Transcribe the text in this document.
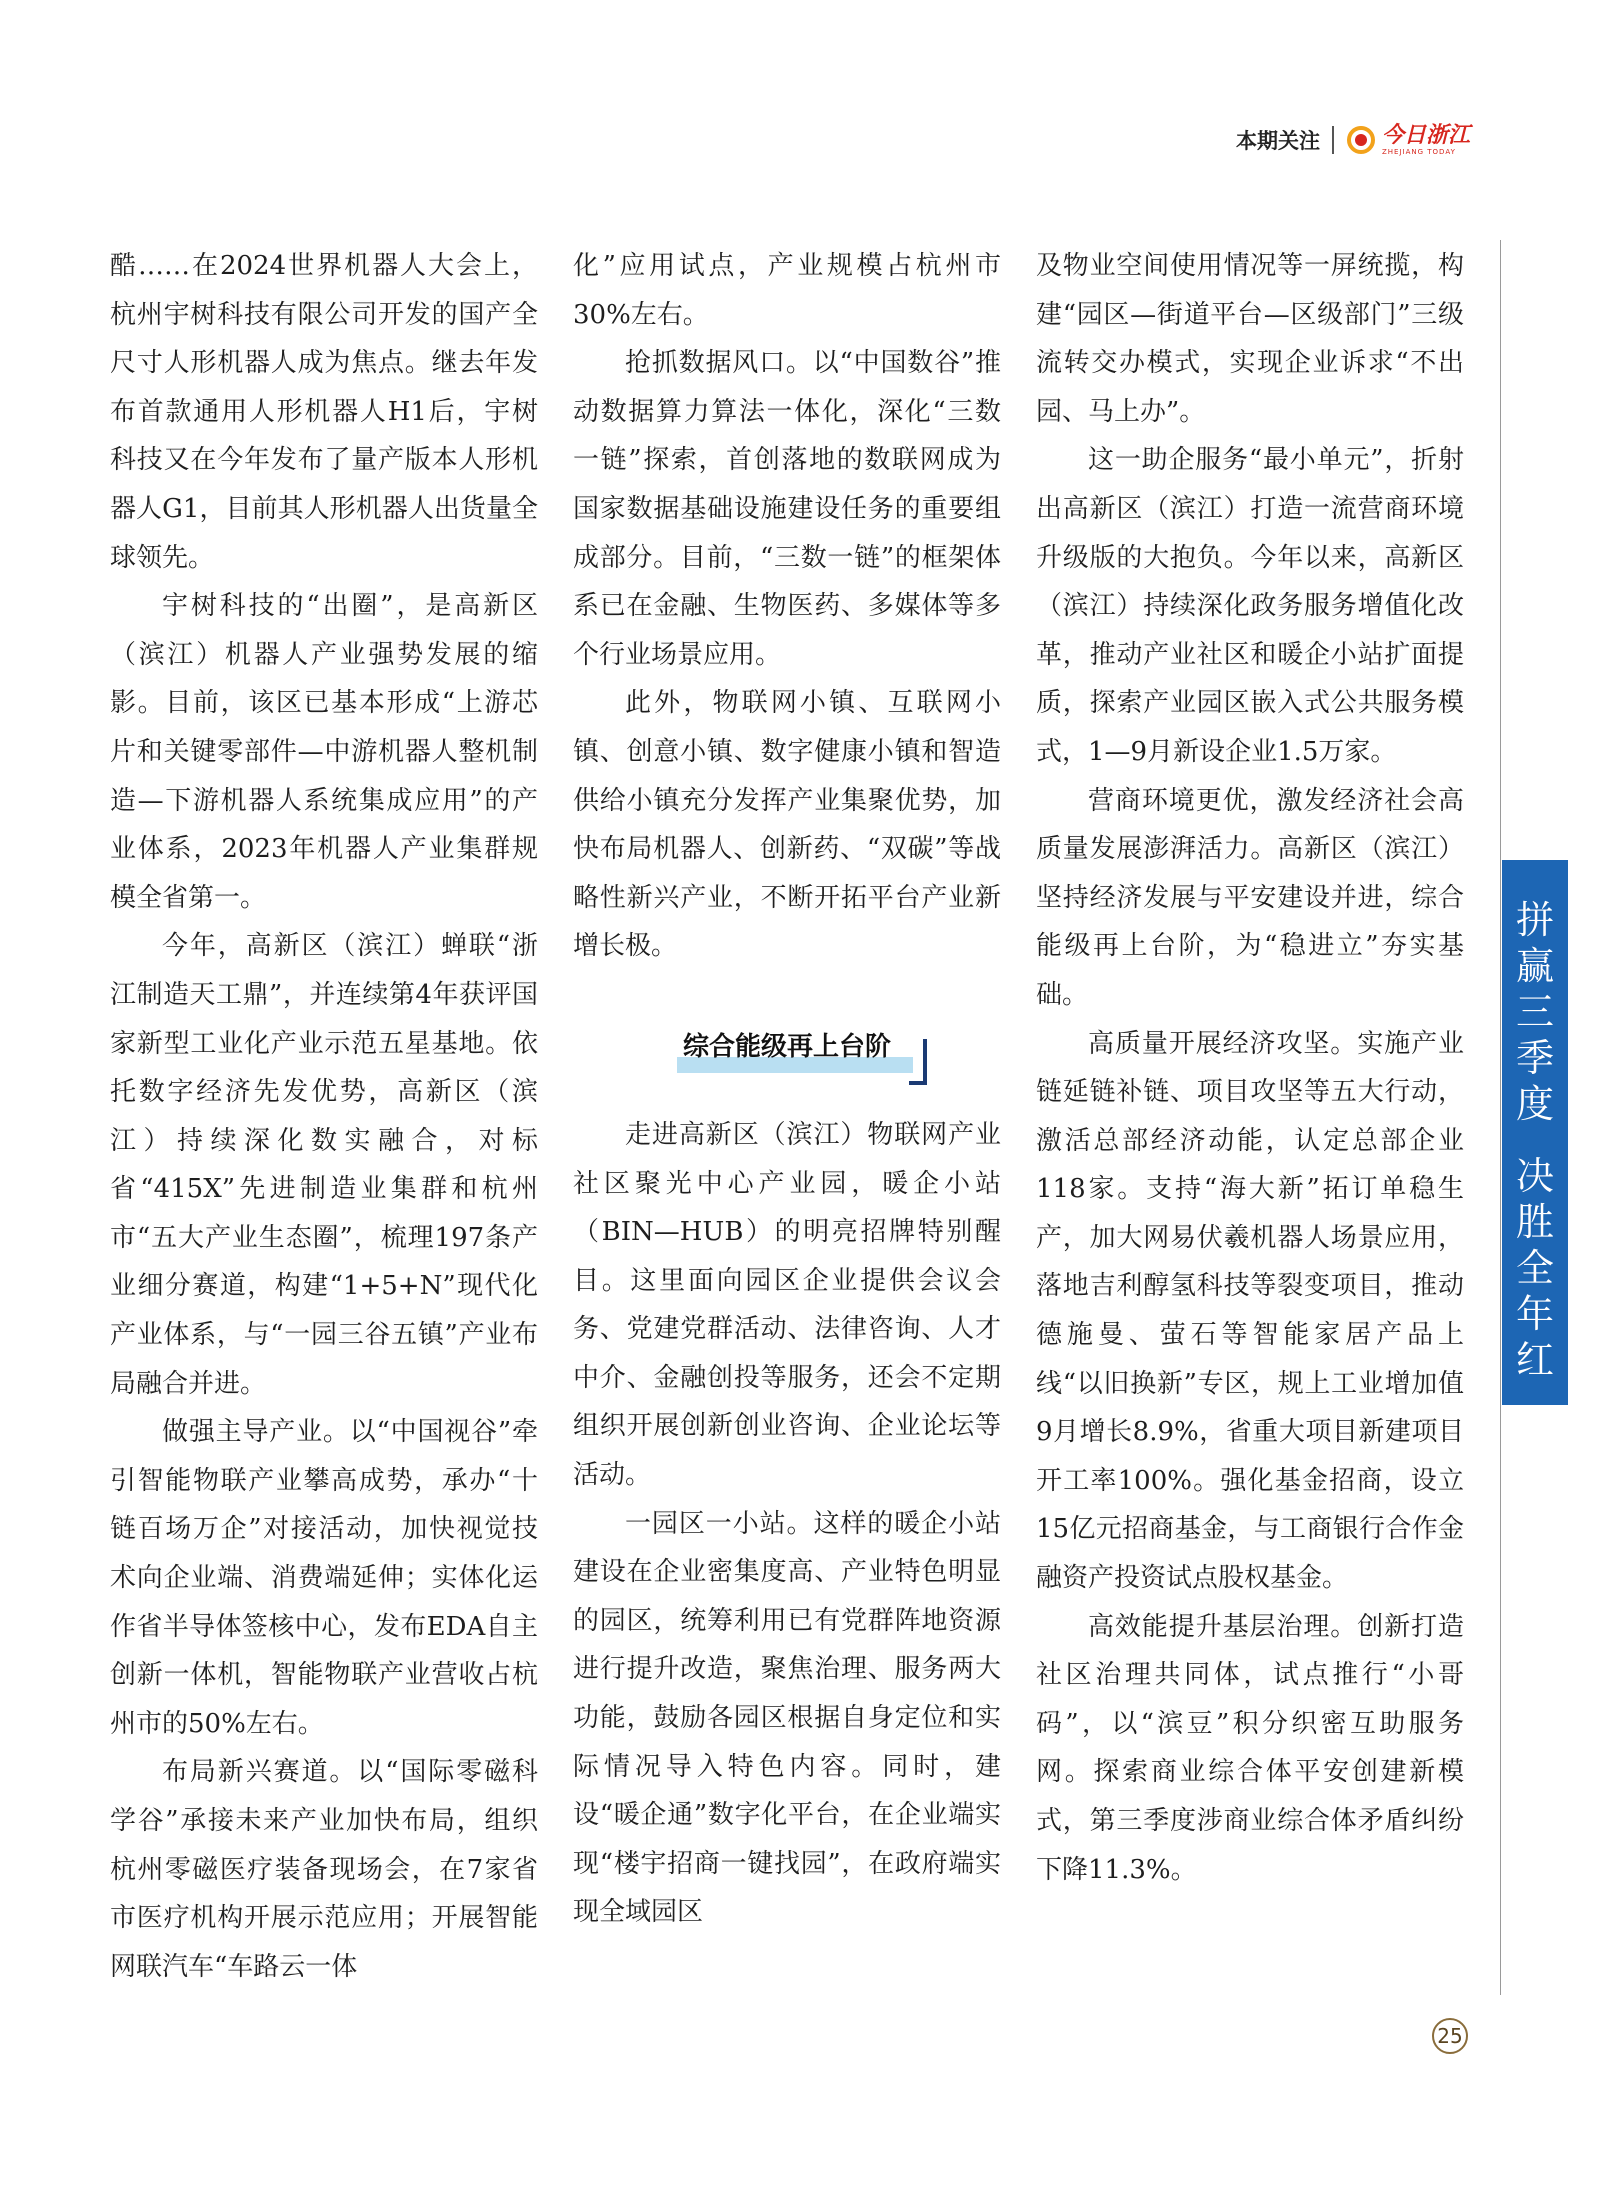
本期关注	今日浙江
ZHEJIANG TODAY

酷……在2024世界机器人大会上，杭州宇树科技有限公司开发的国产全尺寸人形机器人成为焦点。继去年发布首款通用人形机器人H1后，宇树科技又在今年发布了量产版本人形机器人G1，目前其人形机器人出货量全球领先。

宇树科技的“出圈”，是高新区（滨江）机器人产业强势发展的缩影。目前，该区已基本形成“上游芯片和关键零部件—中游机器人整机制造—下游机器人系统集成应用”的产业体系，2023年机器人产业集群规模全省第一。

今年，高新区（滨江）蝉联“浙江制造天工鼎”，并连续第4年获评国家新型工业化产业示范五星基地。依托数字经济先发优势，高新区（滨江）持续深化数实融合，对标省“415X”先进制造业集群和杭州市“五大产业生态圈”，梳理197条产业细分赛道，构建“1+5+N”现代化产业体系，与“一园三谷五镇”产业布局融合并进。

做强主导产业。以“中国视谷”牵引智能物联产业攀高成势，承办“十链百场万企”对接活动，加快视觉技术向企业端、消费端延伸；实体化运作省半导体签核中心，发布EDA自主创新一体机，智能物联产业营收占杭州市的50%左右。

布局新兴赛道。以“国际零磁科学谷”承接未来产业加快布局，组织杭州零磁医疗装备现场会，在7家省市医疗机构开展示范应用；开展智能网联汽车“车路云一体

化”应用试点，产业规模占杭州市30%左右。

抢抓数据风口。以“中国数谷”推动数据算力算法一体化，深化“三数一链”探索，首创落地的数联网成为国家数据基础设施建设任务的重要组成部分。目前，“三数一链”的框架体系已在金融、生物医药、多媒体等多个行业场景应用。

此外，物联网小镇、互联网小镇、创意小镇、数字健康小镇和智造供给小镇充分发挥产业集聚优势，加快布局机器人、创新药、“双碳”等战略性新兴产业，不断开拓平台产业新增长极。

综合能级再上台阶

走进高新区（滨江）物联网产业社区聚光中心产业园，暖企小站（BIN—HUB）的明亮招牌特别醒目。这里面向园区企业提供会议会务、党建党群活动、法律咨询、人才中介、金融创投等服务，还会不定期组织开展创新创业咨询、企业论坛等活动。

一园区一小站。这样的暖企小站建设在企业密集度高、产业特色明显的园区，统筹利用已有党群阵地资源进行提升改造，聚焦治理、服务两大功能，鼓励各园区根据自身定位和实际情况导入特色内容。同时，建设“暖企通”数字化平台，在企业端实现“楼宇招商一键找园”，在政府端实现全域园区

及物业空间使用情况等一屏统揽，构建“园区—街道平台—区级部门”三级流转交办模式，实现企业诉求“不出园、马上办”。

这一助企服务“最小单元”，折射出高新区（滨江）打造一流营商环境升级版的大抱负。今年以来，高新区（滨江）持续深化政务服务增值化改革，推动产业社区和暖企小站扩面提质，探索产业园区嵌入式公共服务模式，1—9月新设企业1.5万家。

营商环境更优，激发经济社会高质量发展澎湃活力。高新区（滨江）坚持经济发展与平安建设并进，综合能级再上台阶，为“稳进立”夯实基础。

高质量开展经济攻坚。实施产业链延链补链、项目攻坚等五大行动，激活总部经济动能，认定总部企业118家。支持“海大新”拓订单稳生产，加大网易伏羲机器人场景应用，落地吉利醇氢科技等裂变项目，推动德施曼、萤石等智能家居产品上线“以旧换新”专区，规上工业增加值9月增长8.9%，省重大项目新建项目开工率100%。强化基金招商，设立15亿元招商基金，与工商银行合作金融资产投资试点股权基金。

高效能提升基层治理。创新打造社区治理共同体，试点推行“小哥码”，以“滨豆”积分织密互助服务网。探索商业综合体平安创建新模式，第三季度涉商业综合体矛盾纠纷下降11.3%。

拼
赢
三
季
度
决
胜
全
年
红
25
